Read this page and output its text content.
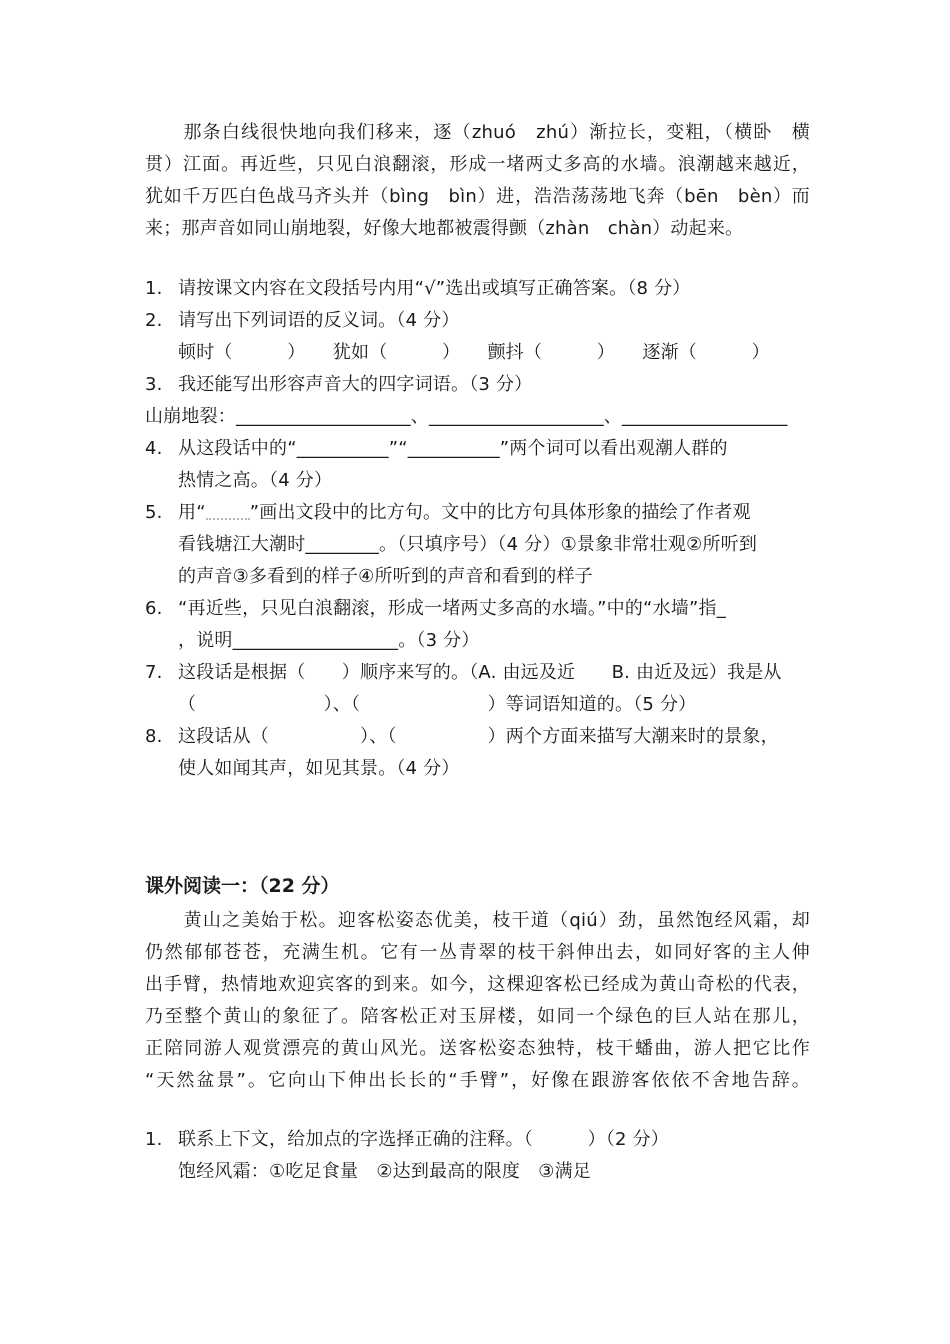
　　那条白线很快地向我们移来，逐（zhuó　zhú）渐拉长，变粗，（横卧　横
贯）江面。再近些，只见白浪翻滚，形成一堵两丈多高的水墙。浪潮越来越近，
犹如千万匹白色战马齐头并（bìng　bìn）进，浩浩荡荡地飞奔（bēn　bèn）而
来；那声音如同山崩地裂，好像大地都被震得颤（zhàn　chàn）动起来。
1. 请按课文内容在文段括号内用“√”选出或填写正确答案。（8 分）
2. 请写出下列词语的反义词。（4 分）
顿时（　　　）　　犹如（　　　）　　颤抖（　　　）　　逐渐（　　　）
3. 我还能写出形容声音大的四字词语。（3 分）
山崩地裂：___________________、___________________、__________________
4. 从这段话中的“__________”“__________”两个词可以看出观潮人群的
热情之高。（4 分）
5. 用“ ”画出文段中的比方句。文中的比方句具体形象的描绘了作者观
看钱塘江大潮时________。（只填序号）（4 分）①景象非常壮观②所听到
的声音③多看到的样子④所听到的声音和看到的样子
6. “再近些，只见白浪翻滚，形成一堵两丈多高的水墙。”中的“水墙”指_
，说明__________________。（3 分）
7. 这段话是根据（　　）顺序来写的。（A. 由远及近　　B. 由近及远）我是从
（　　　　　　　）、（　　　　　　　）等词语知道的。（5 分）
8. 这段话从（　　　　　）、（　　　　　）两个方面来描写大潮来时的景象，
使人如闻其声，如见其景。（4 分）
课外阅读一：（22 分）
　　黄山之美始于松。迎客松姿态优美，枝干道（qiú）劲，虽然饱经风霜，却
仍然郁郁苍苍，充满生机。它有一丛青翠的枝干斜伸出去，如同好客的主人伸
出手臂，热情地欢迎宾客的到来。如今，这棵迎客松已经成为黄山奇松的代表，
乃至整个黄山的象征了。陪客松正对玉屏楼，如同一个绿色的巨人站在那儿，
正陪同游人观赏漂亮的黄山风光。送客松姿态独特，枝干蟠曲，游人把它比作
“天然盆景”。它向山下伸出长长的“手臂”，好像在跟游客依依不舍地告辞。
1. 联系上下文，给加点的字选择正确的注释。（　　　）（2 分）
饱经风霜：①吃足食量　②达到最高的限度　③满足
